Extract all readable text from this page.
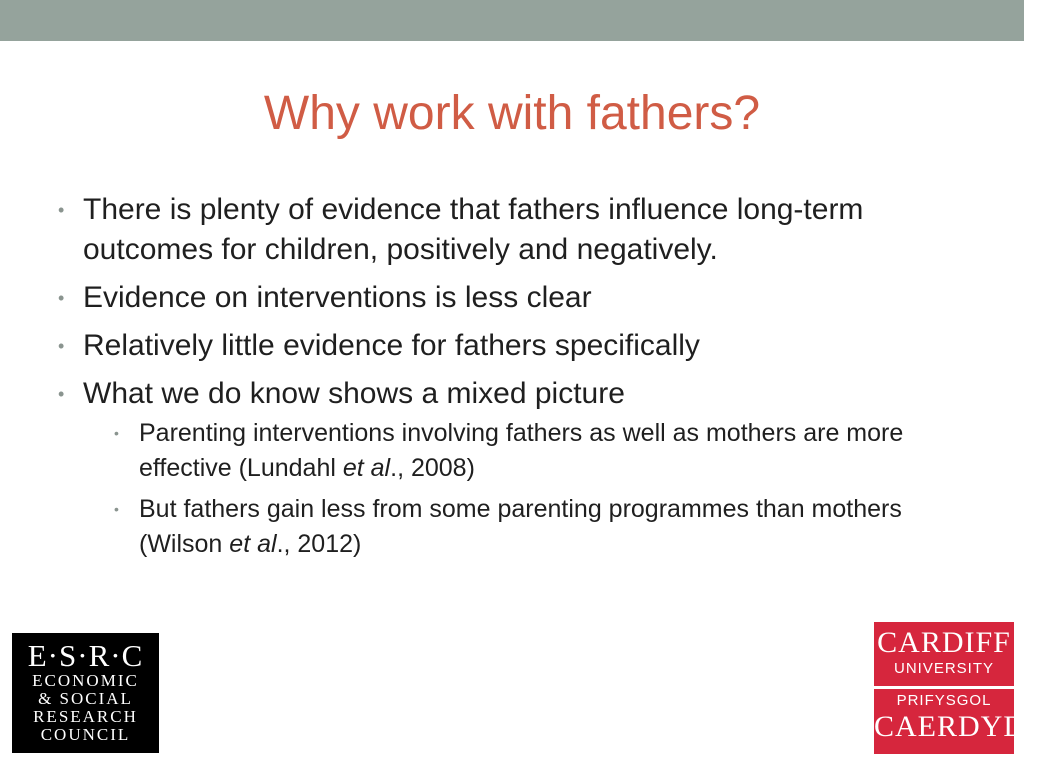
Why work with fathers?
• There is plenty of evidence that fathers influence long-term outcomes for children, positively and negatively.
• Evidence on interventions is less clear
• Relatively little evidence for fathers specifically
• What we do know shows a mixed picture
• Parenting interventions involving fathers as well as mothers are more effective (Lundahl et al., 2008)
• But fathers gain less from some parenting programmes than mothers (Wilson et al., 2012)
E·S·R·C
ECONOMIC
& SOCIAL
RESEARCH
COUNCIL
CARDIFF
UNIVERSITY
PRIFYSGOL
CAERDYDD
